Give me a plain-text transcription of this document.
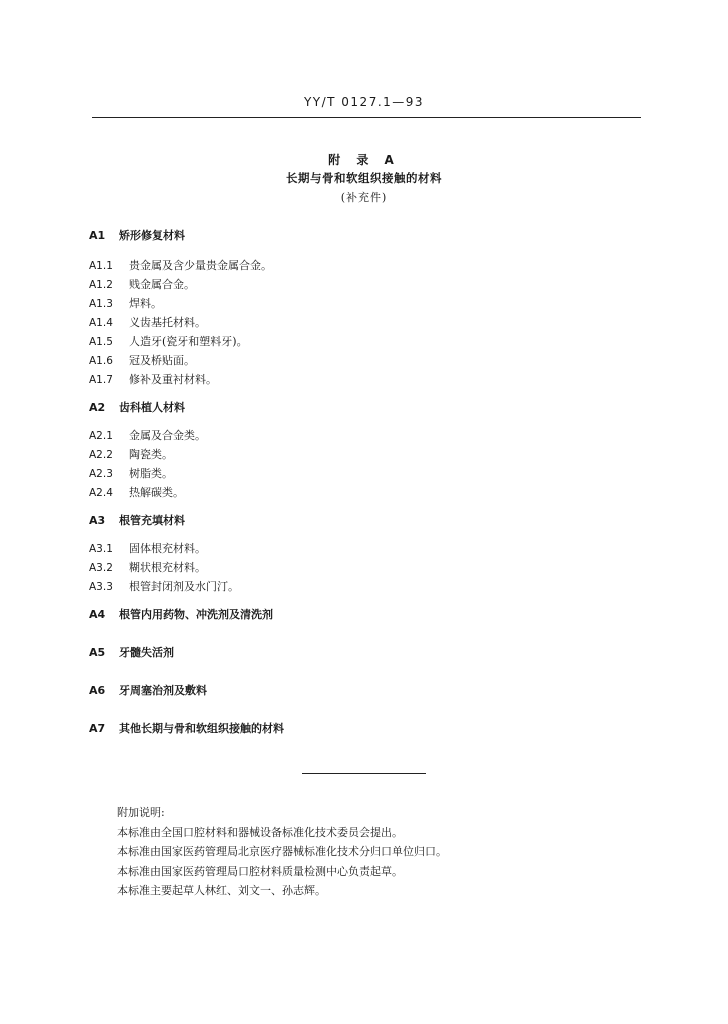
YY/T 0127.1—93
附 录 A
长期与骨和软组织接触的材料
(补充件)
A1 矫形修复材料
A1.1 贵金属及含少量贵金属合金。
A1.2 贱金属合金。
A1.3 焊料。
A1.4 义齿基托材料。
A1.5 人造牙(瓷牙和塑料牙)。
A1.6 冠及桥贴面。
A1.7 修补及重衬材料。
A2 齿科植人材料
A2.1 金属及合金类。
A2.2 陶瓷类。
A2.3 树脂类。
A2.4 热解碳类。
A3 根管充填材料
A3.1 固体根充材料。
A3.2 糊状根充材料。
A3.3 根管封闭剂及水门汀。
A4 根管内用药物、冲洗剂及清洗剂
A5 牙髓失活剂
A6 牙周塞治剂及敷料
A7 其他长期与骨和软组织接触的材料
附加说明:
本标准由全国口腔材料和器械设备标准化技术委员会提出。
本标准由国家医药管理局北京医疗器械标准化技术分归口单位归口。
本标准由国家医药管理局口腔材料质量检测中心负责起草。
本标准主要起草人林红、刘文一、孙志辉。
